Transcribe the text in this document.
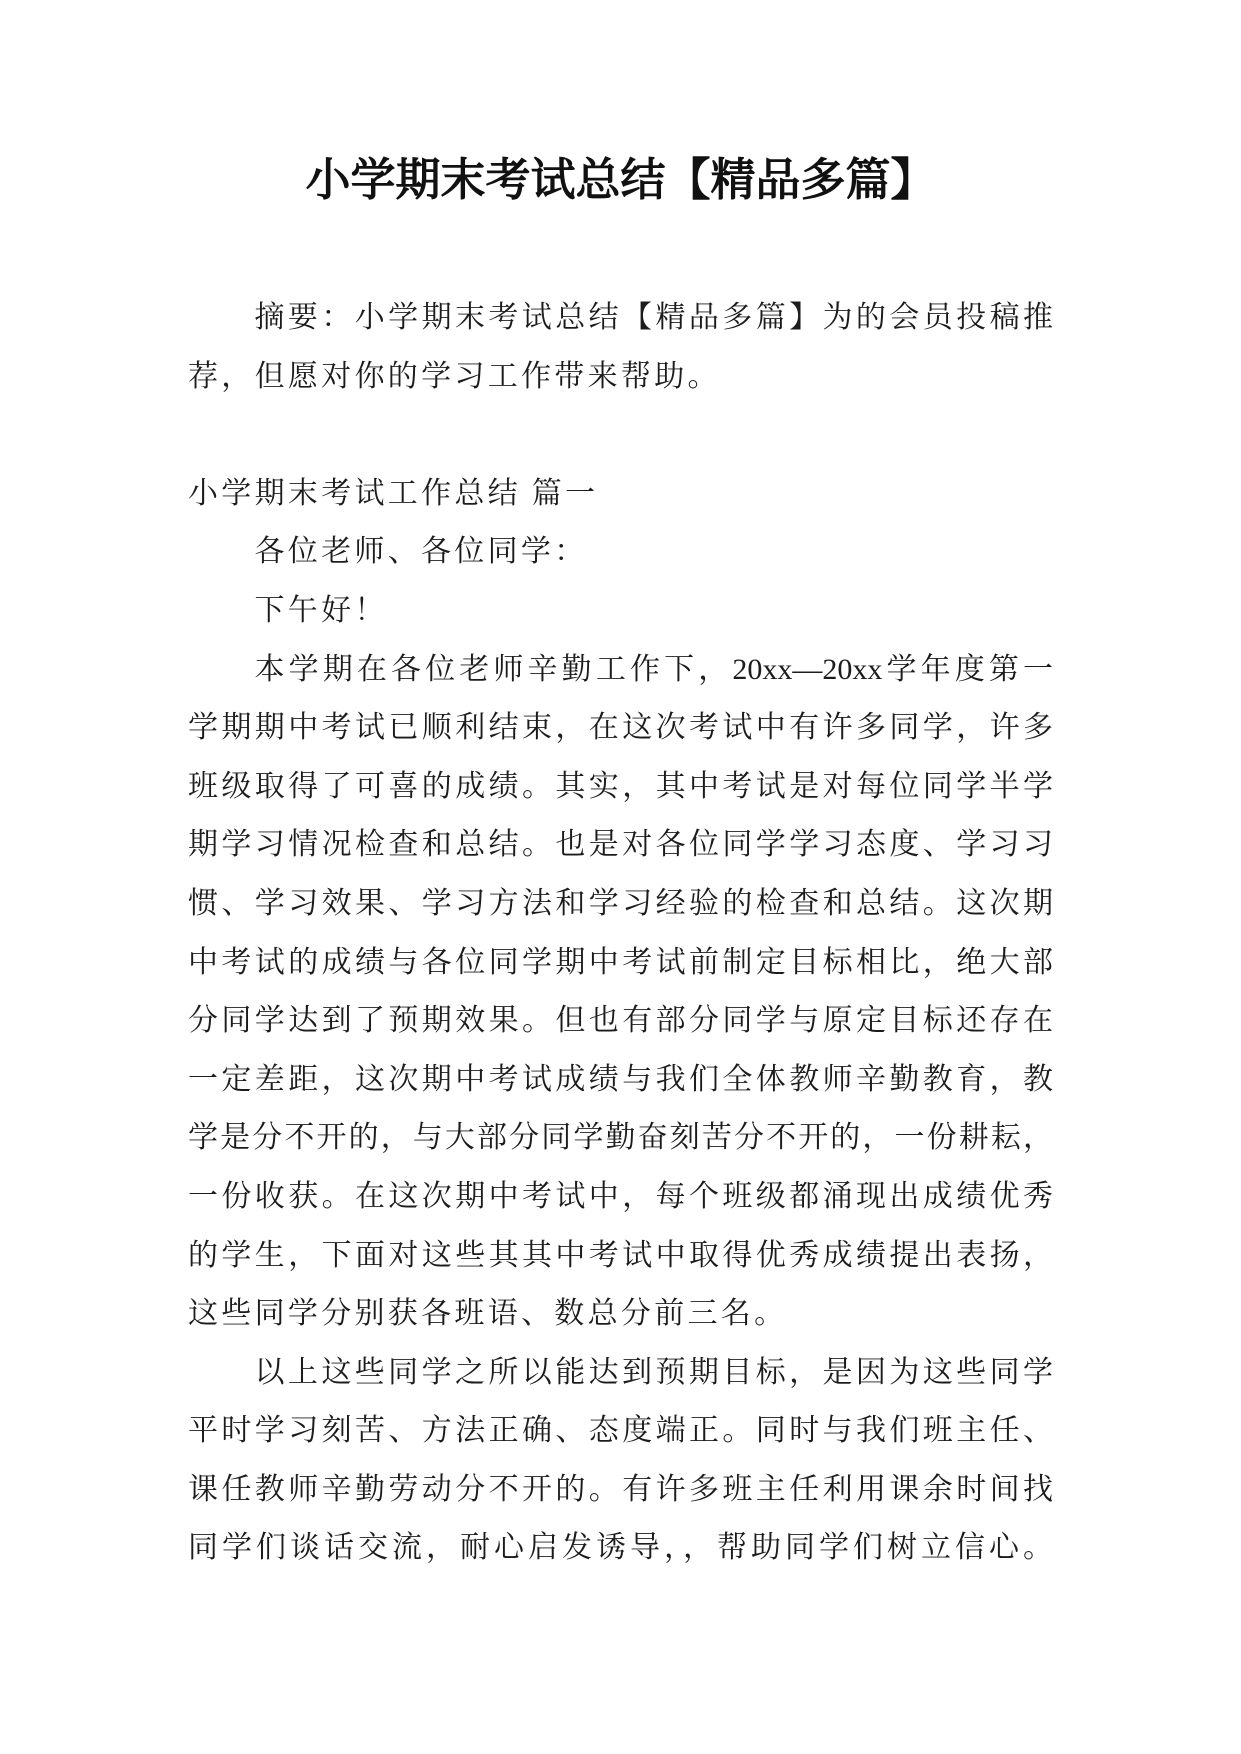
小学期末考试总结【精品多篇】
摘要：小学期末考试总结【精品多篇】为的会员投稿推
荐，但愿对你的学习工作带来帮助。
小学期末考试工作总结 篇一
各位老师、各位同学：
下午好！
本学期在各位老师辛勤工作下，20xx—20xx学年度第一
学期期中考试已顺利结束，在这次考试中有许多同学，许多
班级取得了可喜的成绩。其实，其中考试是对每位同学半学
期学习情况检查和总结。也是对各位同学学习态度、学习习
惯、学习效果、学习方法和学习经验的检查和总结。这次期
中考试的成绩与各位同学期中考试前制定目标相比，绝大部
分同学达到了预期效果。但也有部分同学与原定目标还存在
一定差距，这次期中考试成绩与我们全体教师辛勤教育，教
学是分不开的，与大部分同学勤奋刻苦分不开的，一份耕耘，
一份收获。在这次期中考试中，每个班级都涌现出成绩优秀
的学生，下面对这些其其中考试中取得优秀成绩提出表扬，
这些同学分别获各班语、数总分前三名。
以上这些同学之所以能达到预期目标，是因为这些同学
平时学习刻苦、方法正确、态度端正。同时与我们班主任、
课任教师辛勤劳动分不开的。有许多班主任利用课余时间找
同学们谈话交流，耐心启发诱导，，帮助同学们树立信心。
